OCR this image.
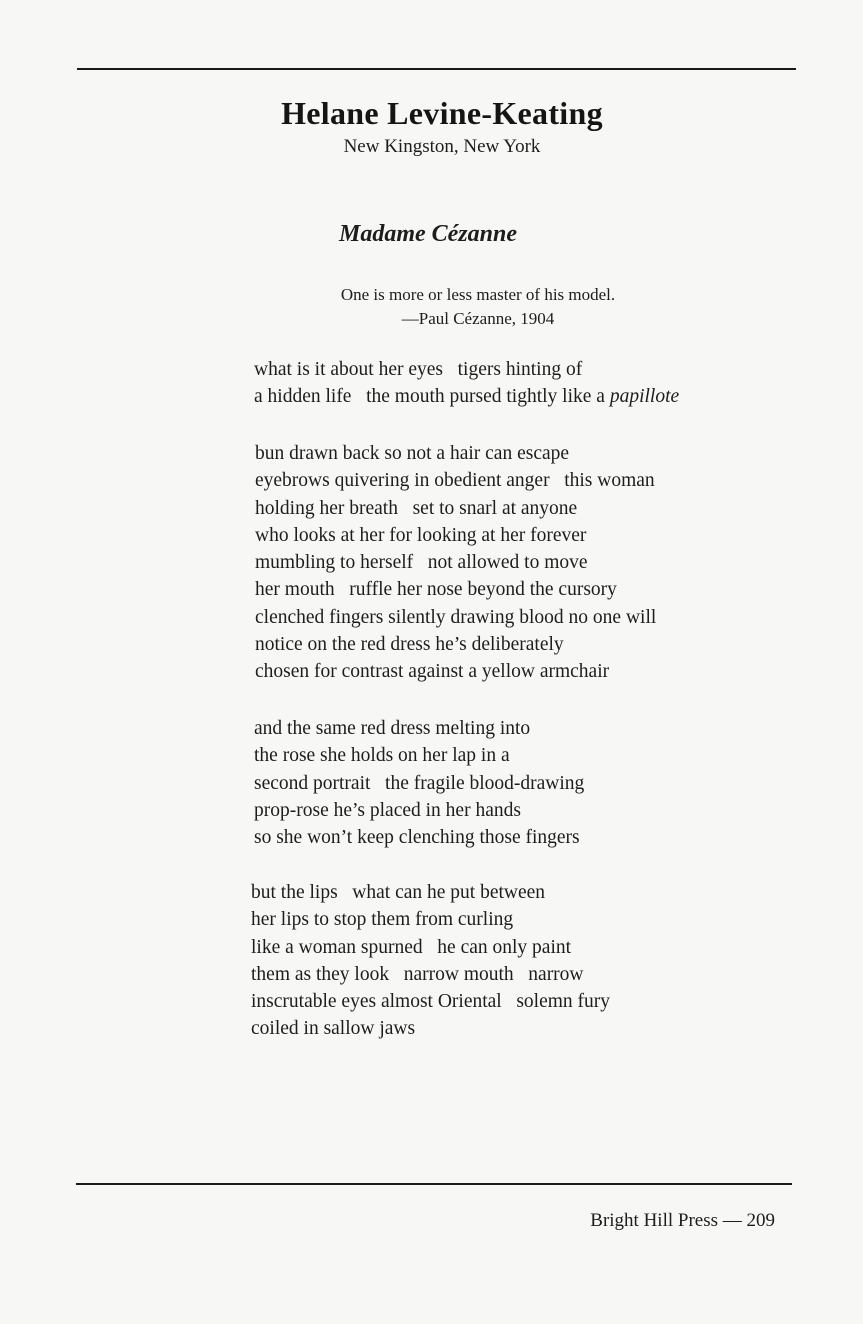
Helane Levine-Keating
New Kingston, New York
Madame Cézanne
One is more or less master of his model.
—Paul Cézanne, 1904
what is it about her eyes   tigers hinting of
a hidden life   the mouth pursed tightly like a papillote
bun drawn back so not a hair can escape
eyebrows quivering in obedient anger   this woman
holding her breath   set to snarl at anyone
who looks at her for looking at her forever
mumbling to herself   not allowed to move
her mouth   ruffle her nose beyond the cursory
clenched fingers silently drawing blood no one will
notice on the red dress he’s deliberately
chosen for contrast against a yellow armchair
and the same red dress melting into
the rose she holds on her lap in a
second portrait   the fragile blood-drawing
prop-rose he’s placed in her hands
so she won’t keep clenching those fingers
but the lips   what can he put between
her lips to stop them from curling
like a woman spurned   he can only paint
them as they look   narrow mouth   narrow
inscrutable eyes almost Oriental   solemn fury
coiled in sallow jaws
Bright Hill Press — 209
